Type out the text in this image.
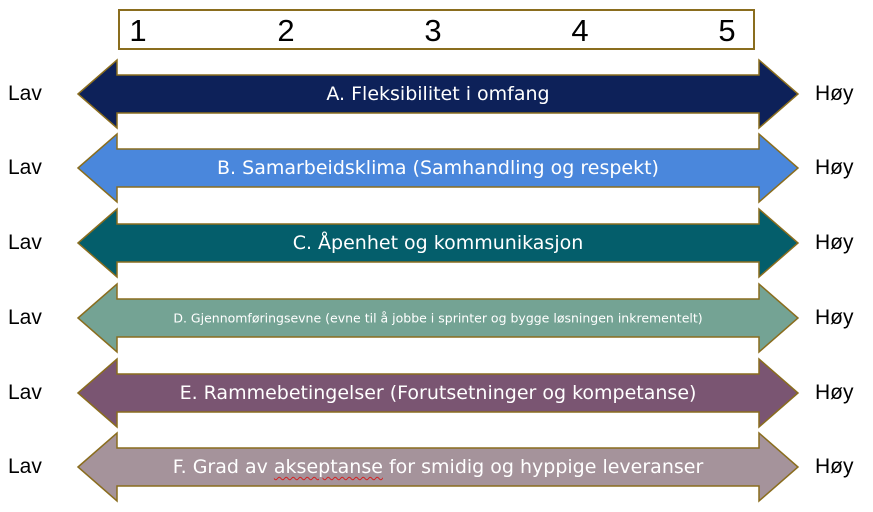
1	2	3	4	5
Lav	A. Fleksibilitet i omfang	Høy
Lav	B. Samarbeidsklima (Samhandling og respekt)	Høy
Lav	C. Åpenhet og kommunikasjon	Høy
Lav	D. Gjennomføringsevne (evne til å jobbe i sprinter og bygge løsningen inkrementelt)	Høy
Lav	E. Rammebetingelser (Forutsetninger og kompetanse)	Høy
Lav	F. Grad av akseptanse for smidig og hyppige leveranser	Høy
